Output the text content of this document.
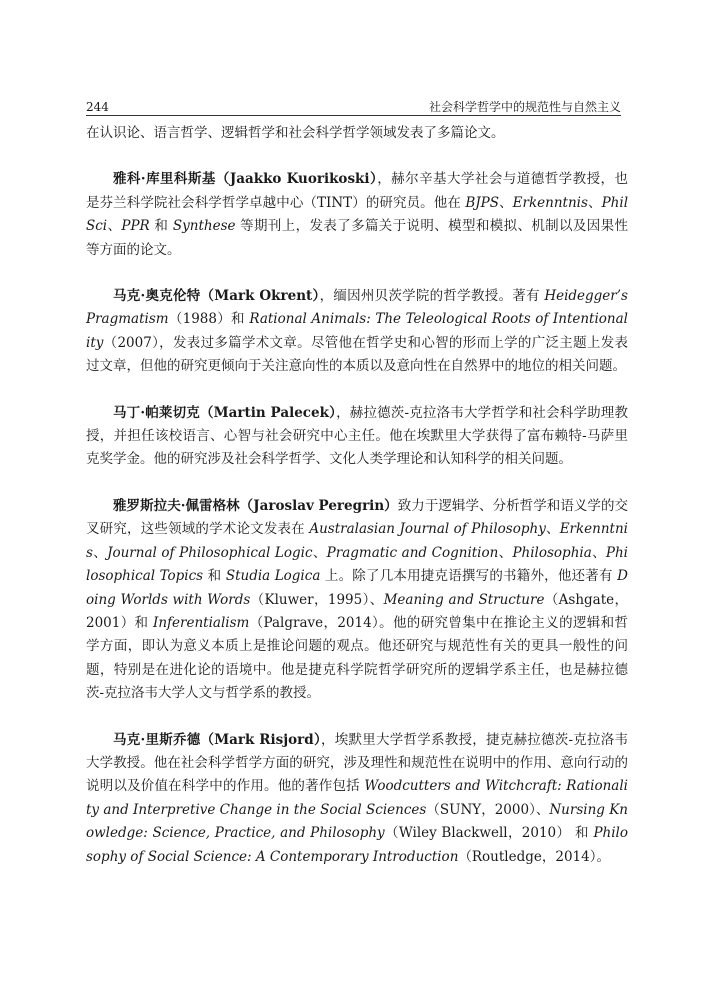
244	社会科学哲学中的规范性与自然主义

在认识论、语言哲学、逻辑哲学和社会科学哲学领域发表了多篇论文。

雅科·库里科斯基（Jaakko Kuorikoski），赫尔辛基大学社会与道德哲学教授，也是芬兰科学院社会科学哲学卓越中心（TINT）的研究员。他在 BJPS、Erkenntnis、PhilSci、PPR 和 Synthese 等期刊上，发表了多篇关于说明、模型和模拟、机制以及因果性等方面的论文。

马克·奥克伦特（Mark Okrent），缅因州贝茨学院的哲学教授。著有 Heidegger’s Pragmatism（1988）和 Rational Animals: The Teleological Roots of Intentionality（2007），发表过多篇学术文章。尽管他在哲学史和心智的形而上学的广泛主题上发表过文章，但他的研究更倾向于关注意向性的本质以及意向性在自然界中的地位的相关问题。

马丁·帕莱切克（Martin Palecek），赫拉德茨-克拉洛韦大学哲学和社会科学助理教授，并担任该校语言、心智与社会研究中心主任。他在埃默里大学获得了富布赖特-马萨里克奖学金。他的研究涉及社会科学哲学、文化人类学理论和认知科学的相关问题。

雅罗斯拉夫·佩雷格林（Jaroslav Peregrin）致力于逻辑学、分析哲学和语义学的交叉研究，这些领域的学术论文发表在 Australasian Journal of Philosophy、Erkenntnis、Journal of Philosophical Logic、Pragmatic and Cognition、Philosophia、Philosophical Topics 和 Studia Logica 上。除了几本用捷克语撰写的书籍外，他还著有 Doing Worlds with Words（Kluwer，1995）、Meaning and Structure（Ashgate，2001）和 Inferentialism（Palgrave，2014）。他的研究曾集中在推论主义的逻辑和哲学方面，即认为意义本质上是推论问题的观点。他还研究与规范性有关的更具一般性的问题，特别是在进化论的语境中。他是捷克科学院哲学研究所的逻辑学系主任，也是赫拉德茨-克拉洛韦大学人文与哲学系的教授。

马克·里斯乔德（Mark Risjord），埃默里大学哲学系教授，捷克赫拉德茨-克拉洛韦大学教授。他在社会科学哲学方面的研究，涉及理性和规范性在说明中的作用、意向行动的说明以及价值在科学中的作用。他的著作包括 Woodcutters and Witchcraft: Rationality and Interpretive Change in the Social Sciences（SUNY，2000）、Nursing Knowledge: Science, Practice, and Philosophy（Wiley Blackwell，2010） 和 Philosophy of Social Science: A Contemporary Introduction（Routledge，2014）。
